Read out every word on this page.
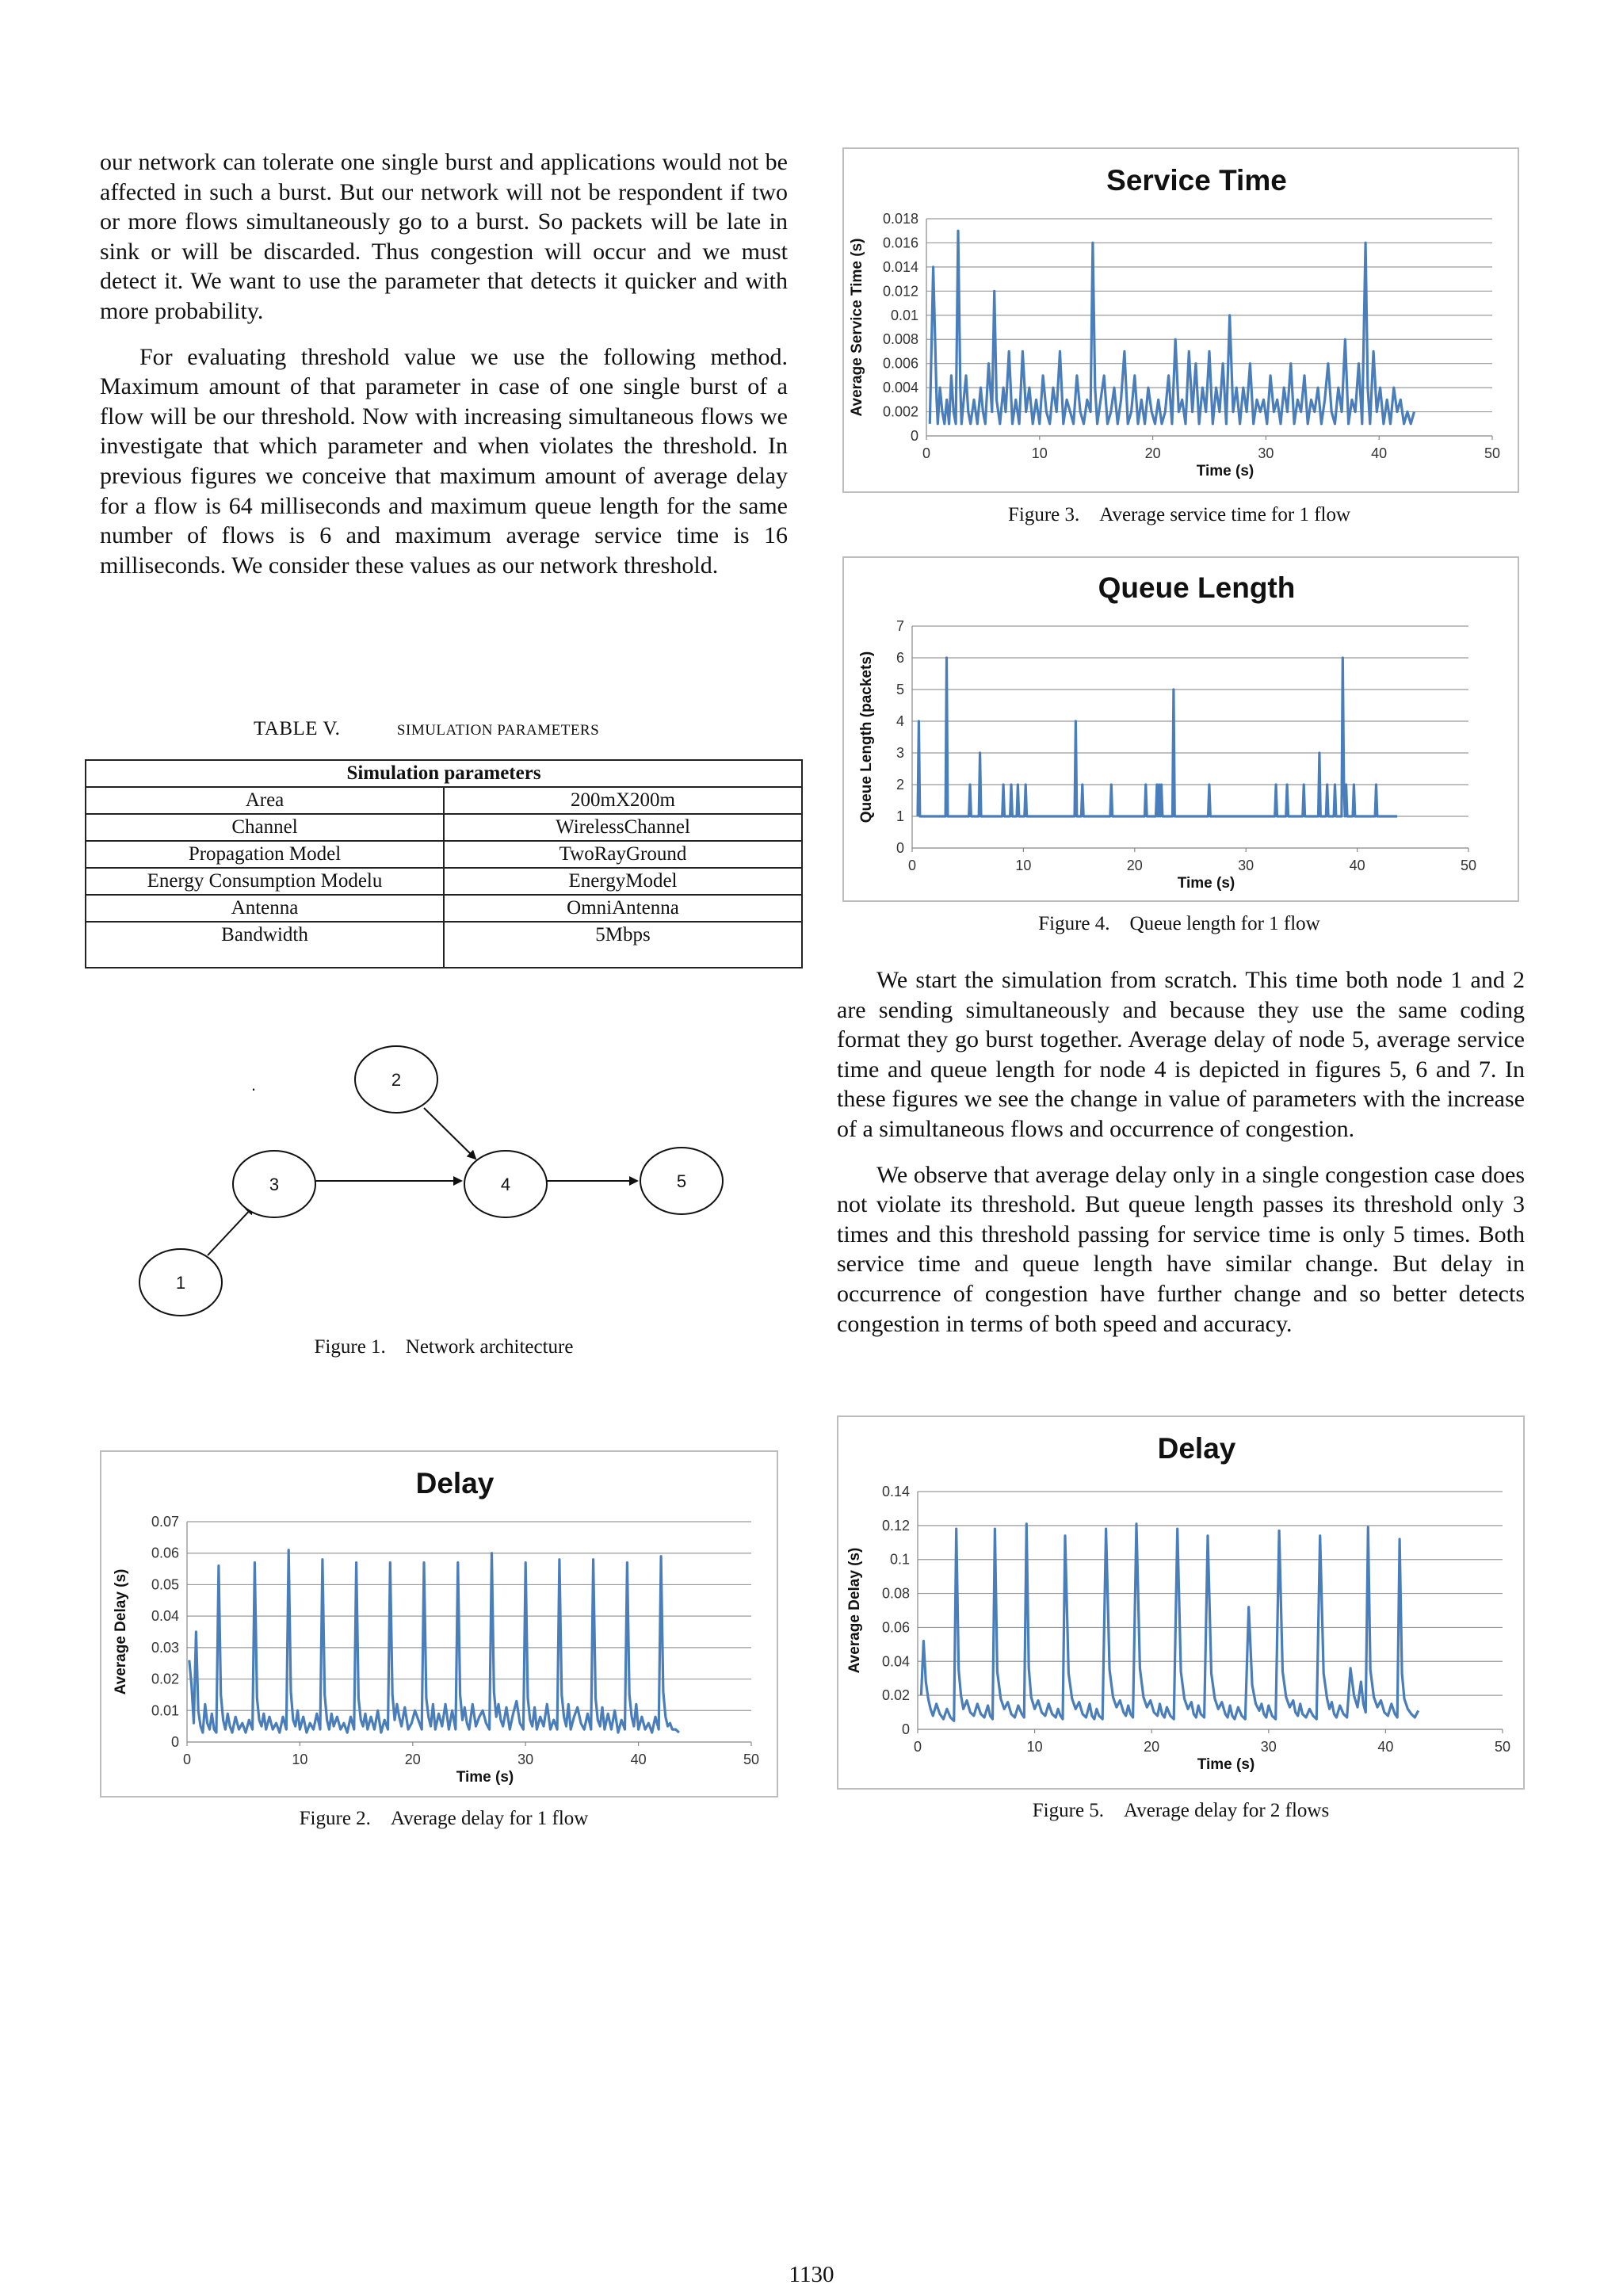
our network can tolerate one single burst and applications would not be affected in such a burst. But our network will not be respondent if two or more flows simultaneously go to a burst. So packets will be late in sink or will be discarded. Thus congestion will occur and we must detect it. We want to use the parameter that detects it quicker and with more probability.

For evaluating threshold value we use the following method. Maximum amount of that parameter in case of one single burst of a flow will be our threshold. Now with increasing simultaneous flows we investigate that which parameter and when violates the threshold. In previous figures we conceive that maximum amount of average delay for a flow is 64 milliseconds and maximum queue length for the same number of flows is 6 and maximum average service time is 16 milliseconds. We consider these values as our network threshold.

TABLE V.	SIMULATION PARAMETERS
Simulation parameters	
Area	200mX200m
Channel	WirelessChannel
Propagation Model	TwoRayGround
Energy Consumption Modelu	EnergyModel
Antenna	OmniAntenna
Bandwidth	5Mbps
.
1
2
3	4	5
Figure 1. Network architecture
Delay
0
0.01
0.02
0.03
0.04
0.05
0.06
0.07
0	10	20	30	40	50
Time (s)
Average Delay (s)
Figure 2. Average delay for 1 flow
Service Time
0
0.002
0.004
0.006
0.008
0.01
0.012
0.014
0.016
0.018
0	10	20	30	40	50
Time (s)
Average Service Time (s)
Figure 3. Average service time for 1 flow
Queue Length
0
1
2
3
4
5
6
7
0	10	20	30	40	50
Time (s)
Queue Length (packets)
Figure 4. Queue length for 1 flow

We start the simulation from scratch. This time both node 1 and 2 are sending simultaneously and because they use the same coding format they go burst together. Average delay of node 5, average service time and queue length for node 4 is depicted in figures 5, 6 and 7. In these figures we see the change in value of parameters with the increase of a simultaneous flows and occurrence of congestion.

We observe that average delay only in a single congestion case does not violate its threshold. But queue length passes its threshold only 3 times and this threshold passing for service time is only 5 times. Both service time and queue length have similar change. But delay in occurrence of congestion have further change and so better detects congestion in terms of both speed and accuracy.

Delay
0
0.02
0.04
0.06
0.08
0.1
0.12
0.14
0	10	20	30	40	50
Time (s)
Average Delay (s)
Figure 5. Average delay for 2 flows
1130
